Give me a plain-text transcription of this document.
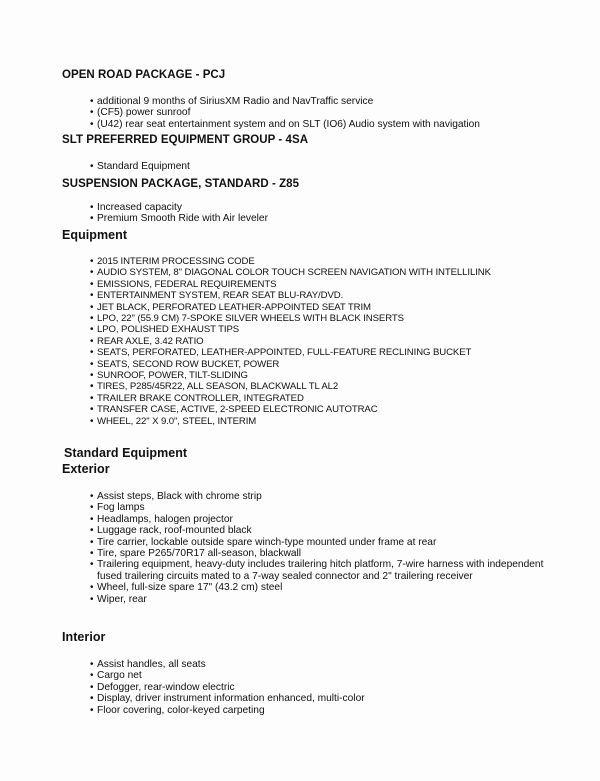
OPEN ROAD PACKAGE - PCJ
• additional 9 months of SiriusXM Radio and NavTraffic service
• (CF5) power sunroof
• (U42) rear seat entertainment system and on SLT (IO6) Audio system with navigation
SLT PREFERRED EQUIPMENT GROUP - 4SA
• Standard Equipment
SUSPENSION PACKAGE, STANDARD - Z85
• Increased capacity
• Premium Smooth Ride with Air leveler
Equipment
• 2015 INTERIM PROCESSING CODE
• AUDIO SYSTEM, 8" DIAGONAL COLOR TOUCH SCREEN NAVIGATION WITH INTELLILINK
• EMISSIONS, FEDERAL REQUIREMENTS
• ENTERTAINMENT SYSTEM, REAR SEAT BLU-RAY/DVD.
• JET BLACK, PERFORATED LEATHER-APPOINTED SEAT TRIM
• LPO, 22" (55.9 CM) 7-SPOKE SILVER WHEELS WITH BLACK INSERTS
• LPO, POLISHED EXHAUST TIPS
• REAR AXLE, 3.42 RATIO
• SEATS, PERFORATED, LEATHER-APPOINTED, FULL-FEATURE RECLINING BUCKET
• SEATS, SECOND ROW BUCKET, POWER
• SUNROOF, POWER, TILT-SLIDING
• TIRES, P285/45R22, ALL SEASON, BLACKWALL TL AL2
• TRAILER BRAKE CONTROLLER, INTEGRATED
• TRANSFER CASE, ACTIVE, 2-SPEED ELECTRONIC AUTOTRAC
• WHEEL, 22" X 9.0", STEEL, INTERIM
Standard Equipment
Exterior
• Assist steps, Black with chrome strip
• Fog lamps
• Headlamps, halogen projector
• Luggage rack, roof-mounted black
• Tire carrier, lockable outside spare winch-type mounted under frame at rear
• Tire, spare P265/70R17 all-season, blackwall
• Trailering equipment, heavy-duty includes trailering hitch platform, 7-wire harness with independent fused trailering circuits mated to a 7-way sealed connector and 2" trailering receiver
• Wheel, full-size spare 17" (43.2 cm) steel
• Wiper, rear
Interior
• Assist handles, all seats
• Cargo net
• Defogger, rear-window electric
• Display, driver instrument information enhanced, multi-color
• Floor covering, color-keyed carpeting
